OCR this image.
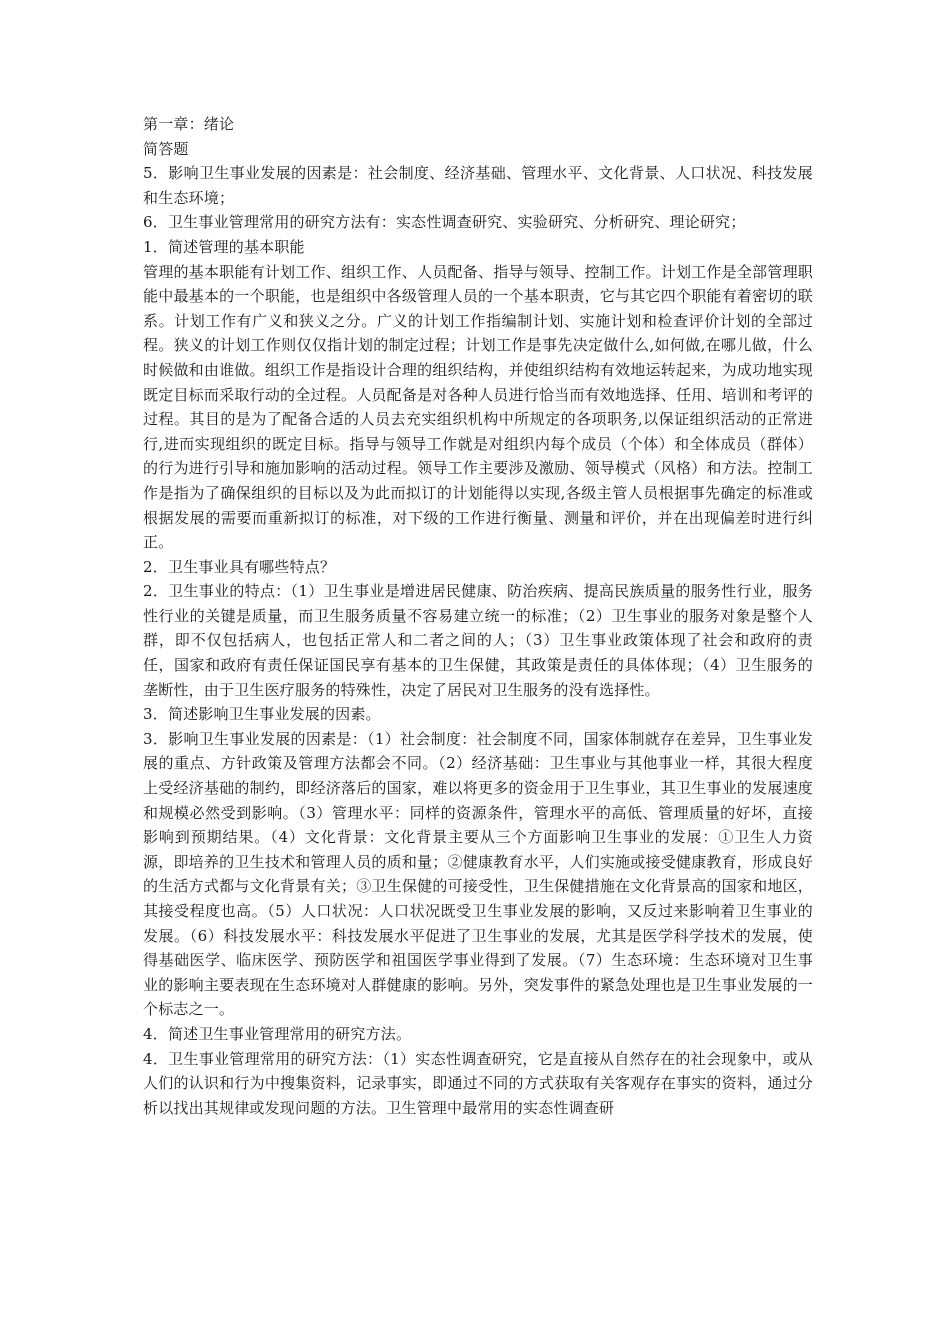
第一章：绪论

简答题

5．影响卫生事业发展的因素是：社会制度、经济基础、管理水平、文化背景、人口状况、科技发展和生态环境；

6．卫生事业管理常用的研究方法有：实态性调查研究、实验研究、分析研究、理论研究；

1．简述管理的基本职能

管理的基本职能有计划工作、组织工作、人员配备、指导与领导、控制工作。计划工作是全部管理职能中最基本的一个职能，也是组织中各级管理人员的一个基本职责，它与其它四个职能有着密切的联系。计划工作有广义和狭义之分。广义的计划工作指编制计划、实施计划和检查评价计划的全部过程。狭义的计划工作则仅仅指计划的制定过程；计划工作是事先决定做什么,如何做,在哪儿做，什么时候做和由谁做。组织工作是指设计合理的组织结构，并使组织结构有效地运转起来，为成功地实现既定目标而采取行动的全过程。人员配备是对各种人员进行恰当而有效地选择、任用、培训和考评的过程。其目的是为了配备合适的人员去充实组织机构中所规定的各项职务,以保证组织活动的正常进行,进而实现组织的既定目标。指导与领导工作就是对组织内每个成员（个体）和全体成员（群体）的行为进行引导和施加影响的活动过程。领导工作主要涉及激励、领导模式（风格）和方法。控制工作是指为了确保组织的目标以及为此而拟订的计划能得以实现,各级主管人员根据事先确定的标准或根据发展的需要而重新拟订的标准，对下级的工作进行衡量、测量和评价，并在出现偏差时进行纠正。

2．卫生事业具有哪些特点？

2．卫生事业的特点：（1）卫生事业是增进居民健康、防治疾病、提高民族质量的服务性行业，服务性行业的关键是质量，而卫生服务质量不容易建立统一的标准；（2）卫生事业的服务对象是整个人群，即不仅包括病人，也包括正常人和二者之间的人；（3）卫生事业政策体现了社会和政府的责任，国家和政府有责任保证国民享有基本的卫生保健，其政策是责任的具体体现；（4）卫生服务的垄断性，由于卫生医疗服务的特殊性，决定了居民对卫生服务的没有选择性。

3．简述影响卫生事业发展的因素。

3．影响卫生事业发展的因素是：（1）社会制度：社会制度不同，国家体制就存在差异，卫生事业发展的重点、方针政策及管理方法都会不同。（2）经济基础：卫生事业与其他事业一样，其很大程度上受经济基础的制约，即经济落后的国家，难以将更多的资金用于卫生事业，其卫生事业的发展速度和规模必然受到影响。（3）管理水平：同样的资源条件，管理水平的高低、管理质量的好坏，直接影响到预期结果。（4）文化背景：文化背景主要从三个方面影响卫生事业的发展：①卫生人力资源，即培养的卫生技术和管理人员的质和量；②健康教育水平，人们实施或接受健康教育，形成良好的生活方式都与文化背景有关；③卫生保健的可接受性，卫生保健措施在文化背景高的国家和地区，其接受程度也高。（5）人口状况：人口状况既受卫生事业发展的影响，又反过来影响着卫生事业的发展。（6）科技发展水平：科技发展水平促进了卫生事业的发展，尤其是医学科学技术的发展，使得基础医学、临床医学、预防医学和祖国医学事业得到了发展。（7）生态环境：生态环境对卫生事业的影响主要表现在生态环境对人群健康的影响。另外，突发事件的紧急处理也是卫生事业发展的一个标志之一。

4．简述卫生事业管理常用的研究方法。

4．卫生事业管理常用的研究方法：（1）实态性调查研究，它是直接从自然存在的社会现象中，或从人们的认识和行为中搜集资料，记录事实，即通过不同的方式获取有关客观存在事实的资料，通过分析以找出其规律或发现问题的方法。卫生管理中最常用的实态性调查研
